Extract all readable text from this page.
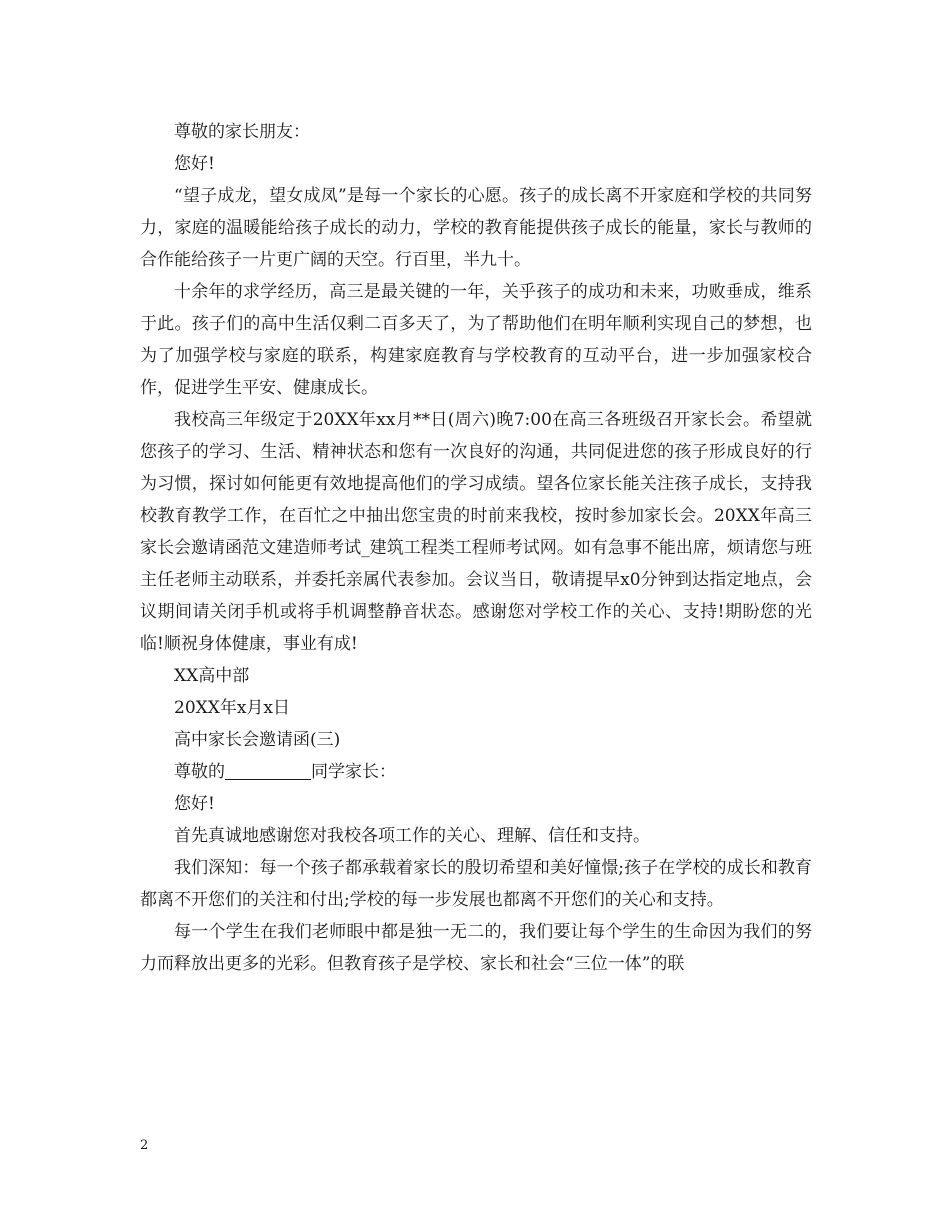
尊敬的家长朋友：

您好!

“望子成龙，望女成凤”是每一个家长的心愿。孩子的成长离不开家庭和学校的共同努力，家庭的温暖能给孩子成长的动力，学校的教育能提供孩子成长的能量，家长与教师的合作能给孩子一片更广阔的天空。行百里，半九十。

十余年的求学经历，高三是最关键的一年，关乎孩子的成功和未来，功败垂成，维系于此。孩子们的高中生活仅剩二百多天了，为了帮助他们在明年顺利实现自己的梦想，也为了加强学校与家庭的联系，构建家庭教育与学校教育的互动平台，进一步加强家校合作，促进学生平安、健康成长。

我校高三年级定于20XX年xx月**日(周六)晚7:00在高三各班级召开家长会。希望就您孩子的学习、生活、精神状态和您有一次良好的沟通，共同促进您的孩子形成良好的行为习惯，探讨如何能更有效地提高他们的学习成绩。望各位家长能关注孩子成长，支持我校教育教学工作，在百忙之中抽出您宝贵的时前来我校，按时参加家长会。20XX年高三家长会邀请函范文建造师考试_建筑工程类工程师考试网。如有急事不能出席，烦请您与班主任老师主动联系，并委托亲属代表参加。会议当日，敬请提早x0分钟到达指定地点，会议期间请关闭手机或将手机调整静音状态。感谢您对学校工作的关心、支持!期盼您的光临!顺祝身体健康，事业有成!

XX高中部

20XX年x月x日

高中家长会邀请函(三)

尊敬的	同学家长：

您好!

首先真诚地感谢您对我校各项工作的关心、理解、信任和支持。

我们深知：每一个孩子都承载着家长的殷切希望和美好憧憬;孩子在学校的成长和教育都离不开您们的关注和付出;学校的每一步发展也都离不开您们的关心和支持。

每一个学生在我们老师眼中都是独一无二的，我们要让每个学生的生命因为我们的努力而释放出更多的光彩。但教育孩子是学校、家长和社会“三位一体”的联

2
